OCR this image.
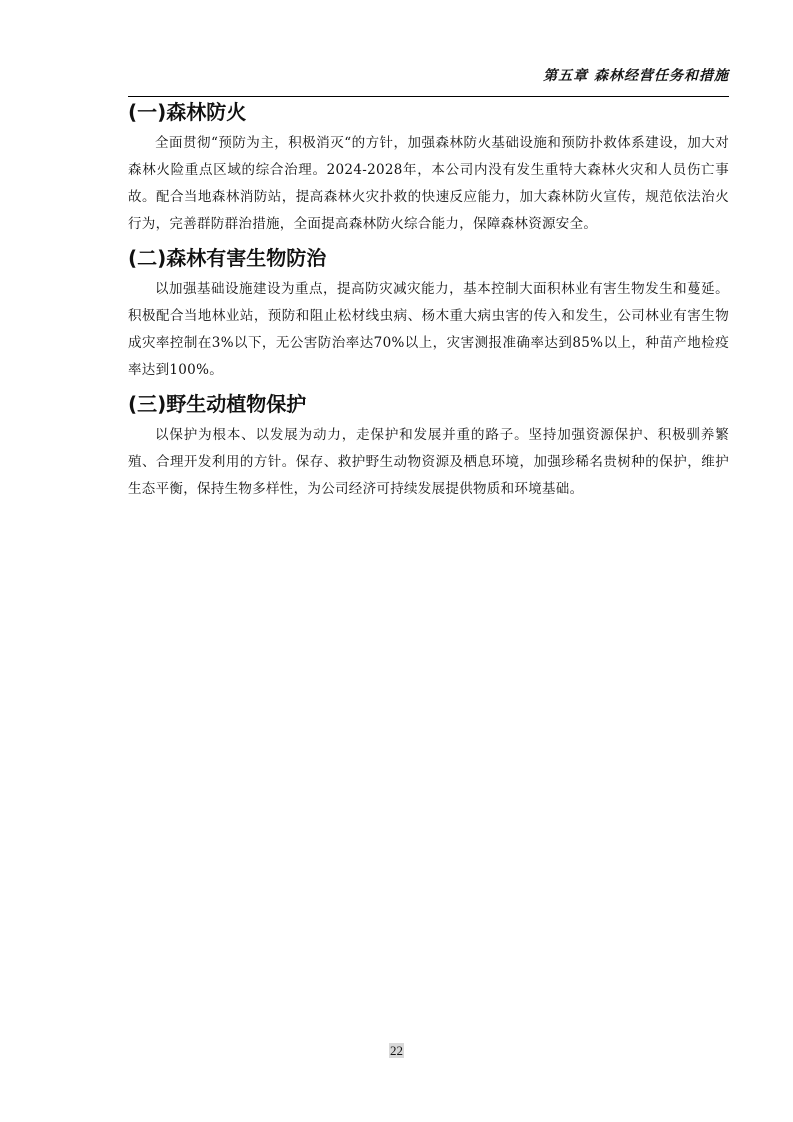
第五章 森林经营任务和措施
(一)森林防火

全面贯彻“预防为主，积极消灭“的方针，加强森林防火基础设施和预防扑救体系建设，加大对森林火险重点区域的综合治理。2024-2028年，本公司内没有发生重特大森林火灾和人员伤亡事故。配合当地森林消防站，提高森林火灾扑救的快速反应能力，加大森林防火宣传，规范依法治火行为，完善群防群治措施，全面提高森林防火综合能力，保障森林资源安全。

(二)森林有害生物防治

以加强基础设施建设为重点，提高防灾减灾能力，基本控制大面积林业有害生物发生和蔓延。积极配合当地林业站，预防和阻止松材线虫病、杨木重大病虫害的传入和发生，公司林业有害生物成灾率控制在3%以下，无公害防治率达70%以上，灾害测报准确率达到85%以上，种苗产地检疫率达到100%。

(三)野生动植物保护

以保护为根本、以发展为动力，走保护和发展并重的路子。坚持加强资源保护、积极驯养繁殖、合理开发利用的方针。保存、救护野生动物资源及栖息环境，加强珍稀名贵树种的保护，维护生态平衡，保持生物多样性，为公司经济可持续发展提供物质和环境基础。

22
